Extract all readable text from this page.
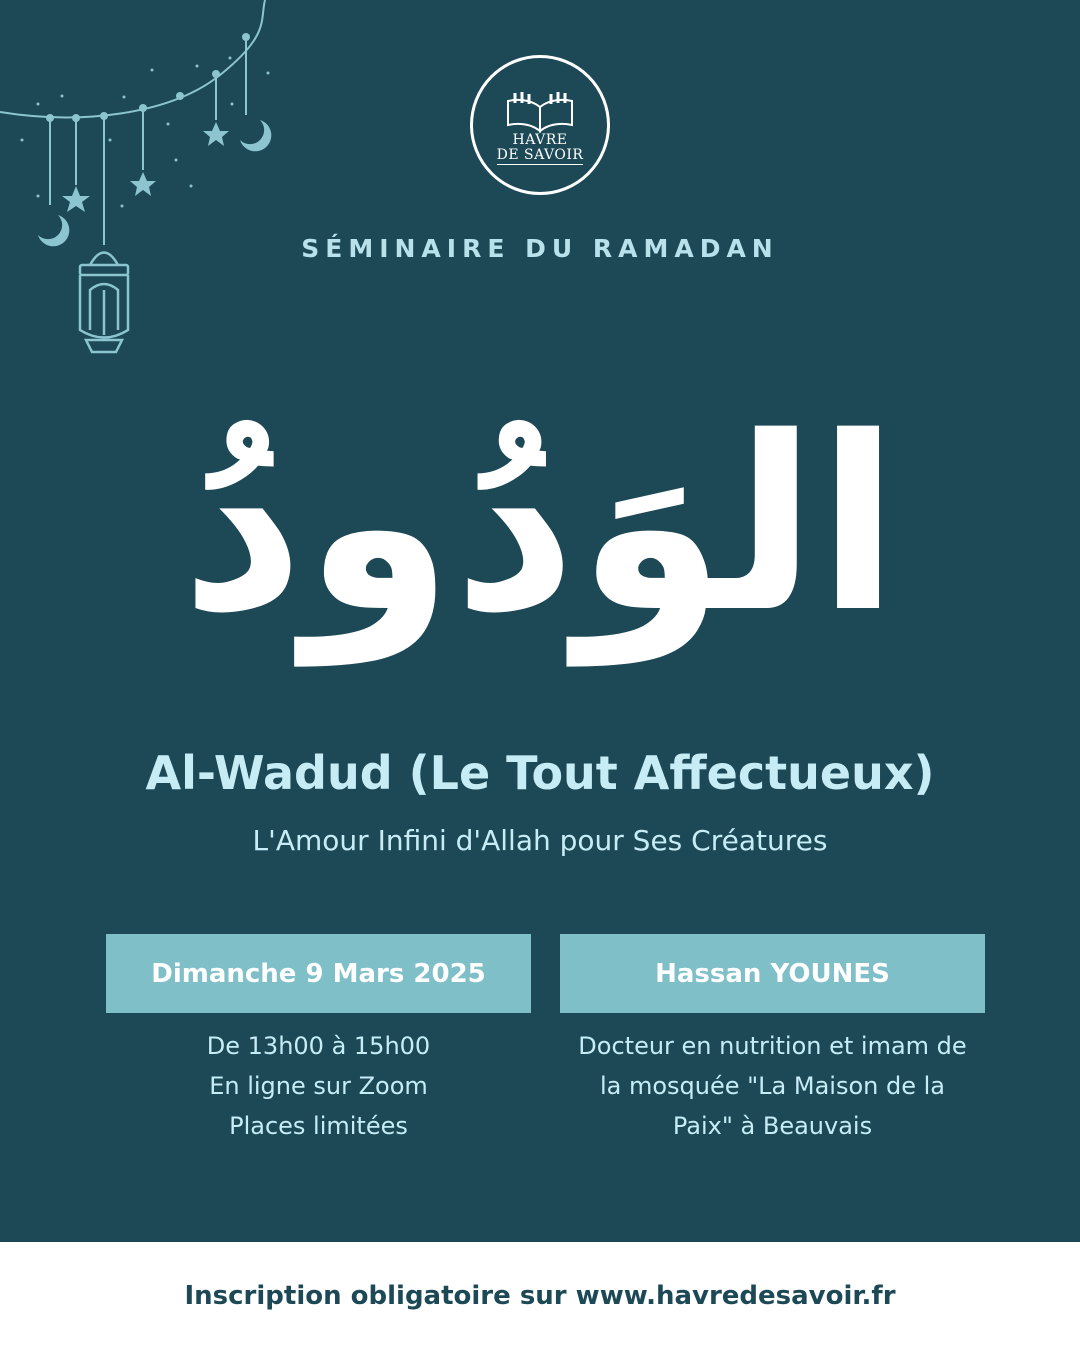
HAVRE
DE SAVOIR
SÉMINAIRE DU RAMADAN
الوَدُودُ
Al-Wadud (Le Tout Affectueux)
L'Amour Infini d'Allah pour Ses Créatures
Dimanche 9 Mars 2025	Hassan YOUNES
De 13h00 à 15h00
En ligne sur Zoom
Places limitées
Docteur en nutrition et imam de
la mosquée "La Maison de la
Paix" à Beauvais
Inscription obligatoire sur www.havredesavoir.fr
